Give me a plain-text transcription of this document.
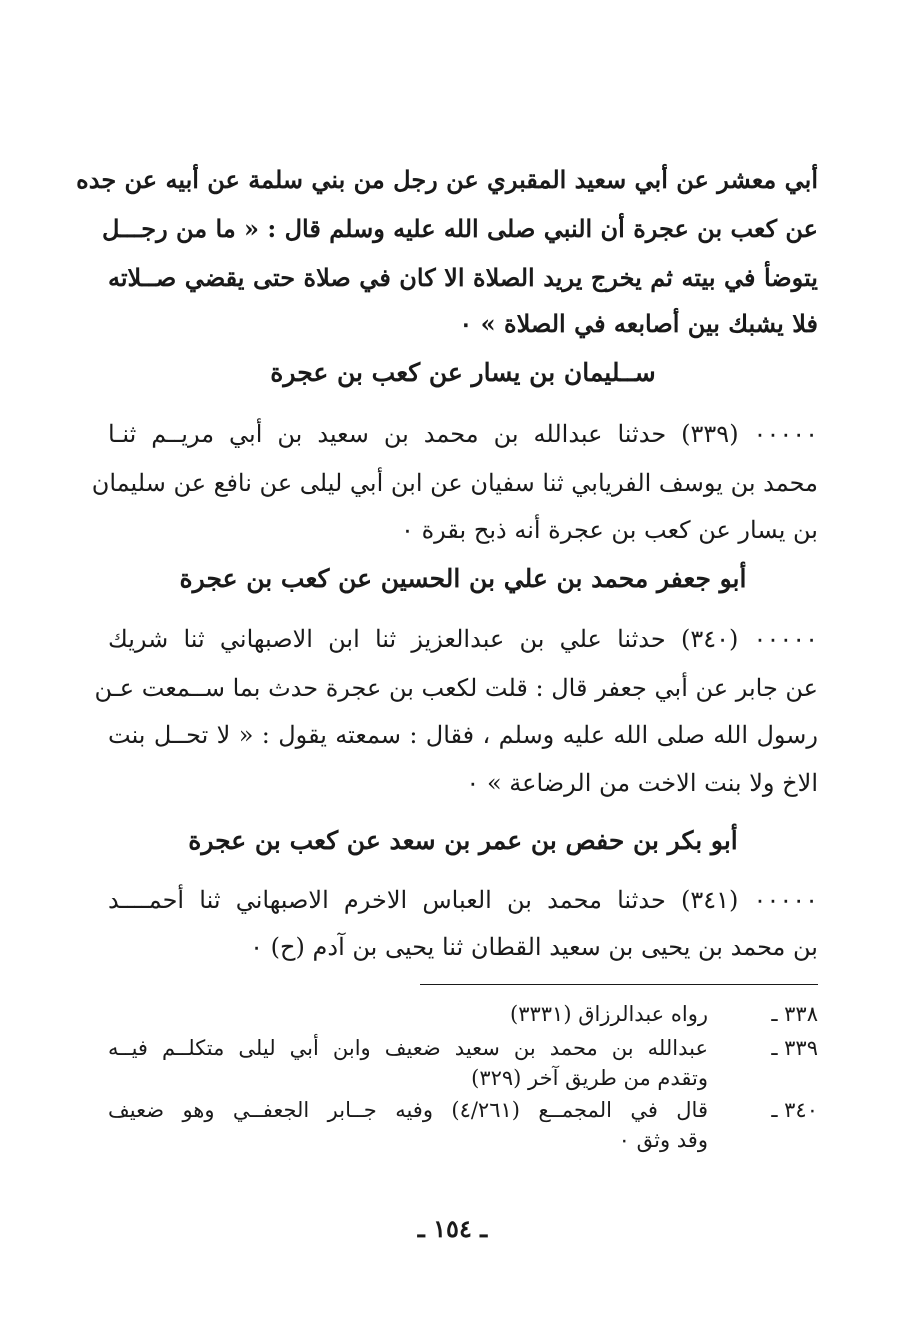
أبي معشر عن أبي سعيد المقبري عن رجل من بني سلمة عن أبيه عن جده
عن كعب بن عجرة أن النبي صلى الله عليه وسلم قال : « ما من رجـــل
يتوضأ في بيته ثم يخرج يريد الصلاة الا كان في صلاة حتى يقضي صــلاته
فلا يشبك بين أصابعه في الصلاة » ٠
ســليمان بن يسار عن كعب بن عجرة
٠٠٠٠٠ (٣٣٩) حدثنا عبدالله بن محمد بن سعيد بن أبي مريــم ثنـا
محمد بن يوسف الفريابي ثنا سفيان عن ابن أبي ليلى عن نافع عن سليمان
بن يسار عن كعب بن عجرة أنه ذبح بقرة ٠
أبو جعفر محمد بن علي بن الحسين عن كعب بن عجرة
٠٠٠٠٠ (٣٤٠) حدثنا علي بن عبدالعزيز ثنا ابن الاصبهاني ثنا شريك
عن جابر عن أبي جعفر قال : قلت لكعب بن عجرة حدث بما ســمعت عـن
رسول الله صلى الله عليه وسلم ، فقال : سمعته يقول : « لا تحــل بنت
الاخ ولا بنت الاخت من الرضاعة » ٠
أبو بكر بن حفص بن عمر بن سعد عن كعب بن عجرة
٠٠٠٠٠ (٣٤١) حدثنا محمد بن العباس الاخرم الاصبهاني ثنا أحمــــد
بن محمد بن يحيى بن سعيد القطان ثنا يحيى بن آدم (ح) ٠
٣٣٨ ـ
رواه عبدالرزاق (٣٣٣١)
٣٣٩ ـ
عبدالله بن محمد بن سعيد ضعيف وابن أبي ليلى متكلــم فيــه
وتقدم من طريق آخر (٣٢٩)
٣٤٠ ـ
قال في المجمــع (٤/٢٦١) وفيه جــابر الجعفــي وهو ضعيف
وقد وثق ٠
ـ ١٥٤ ـ
